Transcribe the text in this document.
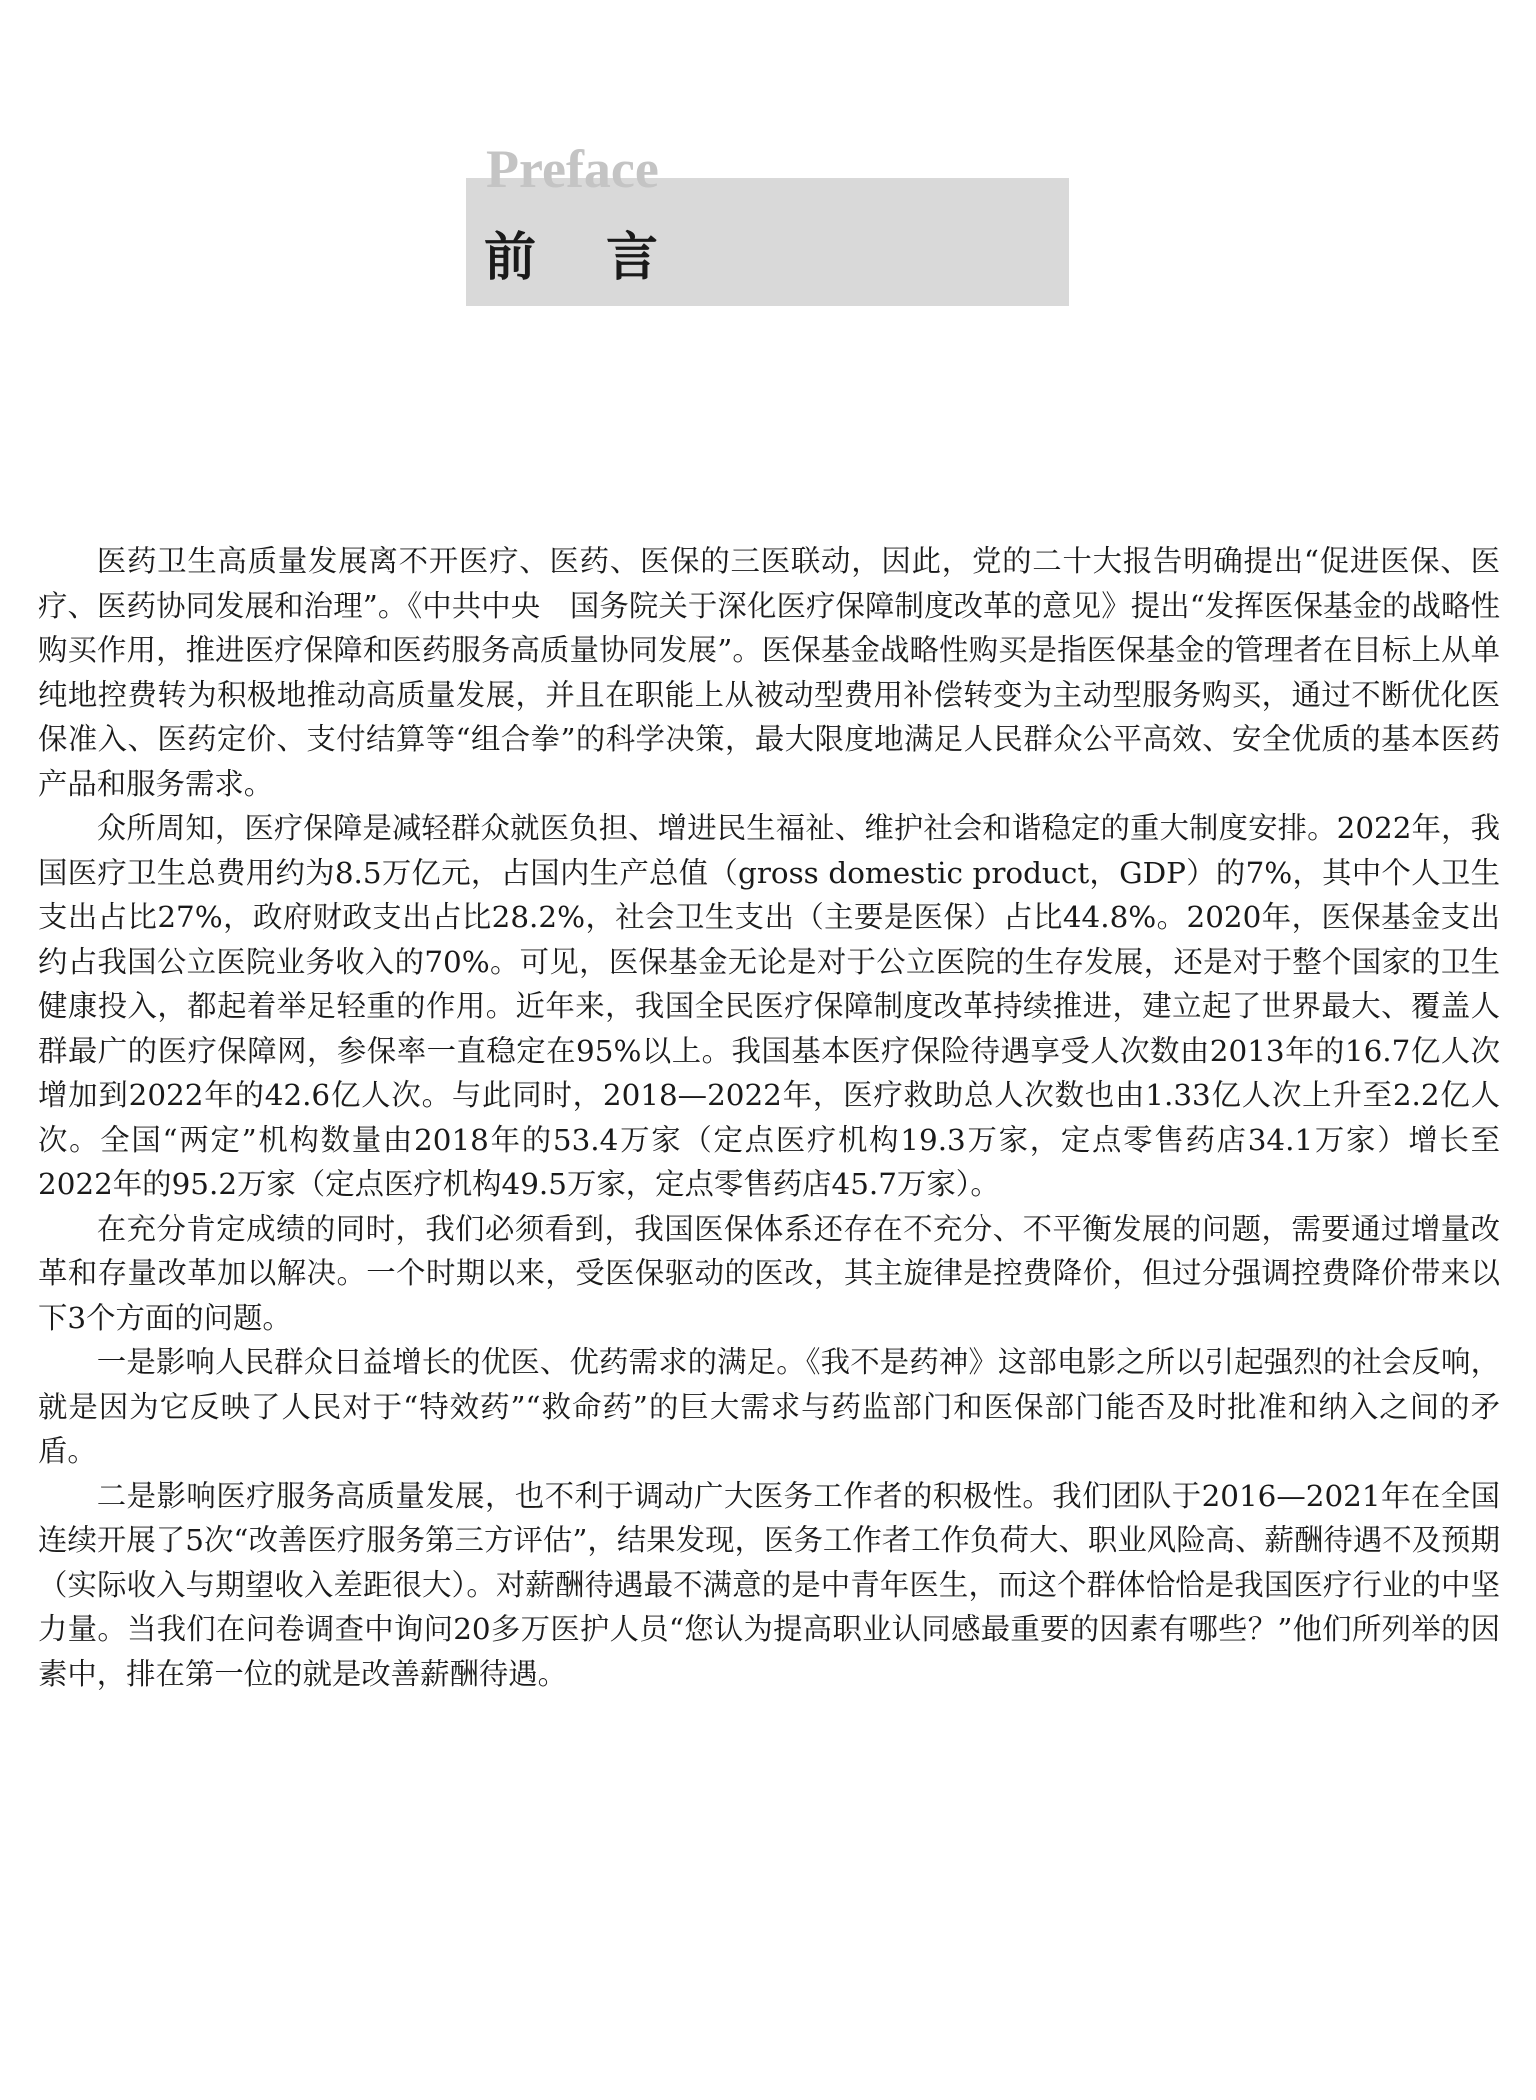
Preface
前言

医药卫生高质量发展离不开医疗、医药、医保的三医联动，因此，党的二十大报告明确提出“促进医保、医疗、医药协同发展和治理”。《中共中央　国务院关于深化医疗保障制度改革的意见》提出“发挥医保基金的战略性购买作用，推进医疗保障和医药服务高质量协同发展”。医保基金战略性购买是指医保基金的管理者在目标上从单纯地控费转为积极地推动高质量发展，并且在职能上从被动型费用补偿转变为主动型服务购买，通过不断优化医保准入、医药定价、支付结算等“组合拳”的科学决策，最大限度地满足人民群众公平高效、安全优质的基本医药产品和服务需求。

众所周知，医疗保障是减轻群众就医负担、增进民生福祉、维护社会和谐稳定的重大制度安排。2022年，我国医疗卫生总费用约为8.5万亿元，占国内生产总值（gross domestic product，GDP）的7%，其中个人卫生支出占比27%，政府财政支出占比28.2%，社会卫生支出（主要是医保）占比44.8%。2020年，医保基金支出约占我国公立医院业务收入的70%。可见，医保基金无论是对于公立医院的生存发展，还是对于整个国家的卫生健康投入，都起着举足轻重的作用。近年来，我国全民医疗保障制度改革持续推进，建立起了世界最大、覆盖人群最广的医疗保障网，参保率一直稳定在95%以上。我国基本医疗保险待遇享受人次数由2013年的16.7亿人次增加到2022年的42.6亿人次。与此同时，2018—2022年，医疗救助总人次数也由1.33亿人次上升至2.2亿人次。全国“两定”机构数量由2018年的53.4万家（定点医疗机构19.3万家，定点零售药店34.1万家）增长至2022年的95.2万家（定点医疗机构49.5万家，定点零售药店45.7万家）。

在充分肯定成绩的同时，我们必须看到，我国医保体系还存在不充分、不平衡发展的问题，需要通过增量改革和存量改革加以解决。一个时期以来，受医保驱动的医改，其主旋律是控费降价，但过分强调控费降价带来以下3个方面的问题。

一是影响人民群众日益增长的优医、优药需求的满足。《我不是药神》这部电影之所以引起强烈的社会反响，就是因为它反映了人民对于“特效药”“救命药”的巨大需求与药监部门和医保部门能否及时批准和纳入之间的矛盾。

二是影响医疗服务高质量发展，也不利于调动广大医务工作者的积极性。我们团队于2016—2021年在全国连续开展了5次“改善医疗服务第三方评估”，结果发现，医务工作者工作负荷大、职业风险高、薪酬待遇不及预期（实际收入与期望收入差距很大）。对薪酬待遇最不满意的是中青年医生，而这个群体恰恰是我国医疗行业的中坚力量。当我们在问卷调查中询问20多万医护人员“您认为提高职业认同感最重要的因素有哪些？”他们所列举的因素中，排在第一位的就是改善薪酬待遇。
